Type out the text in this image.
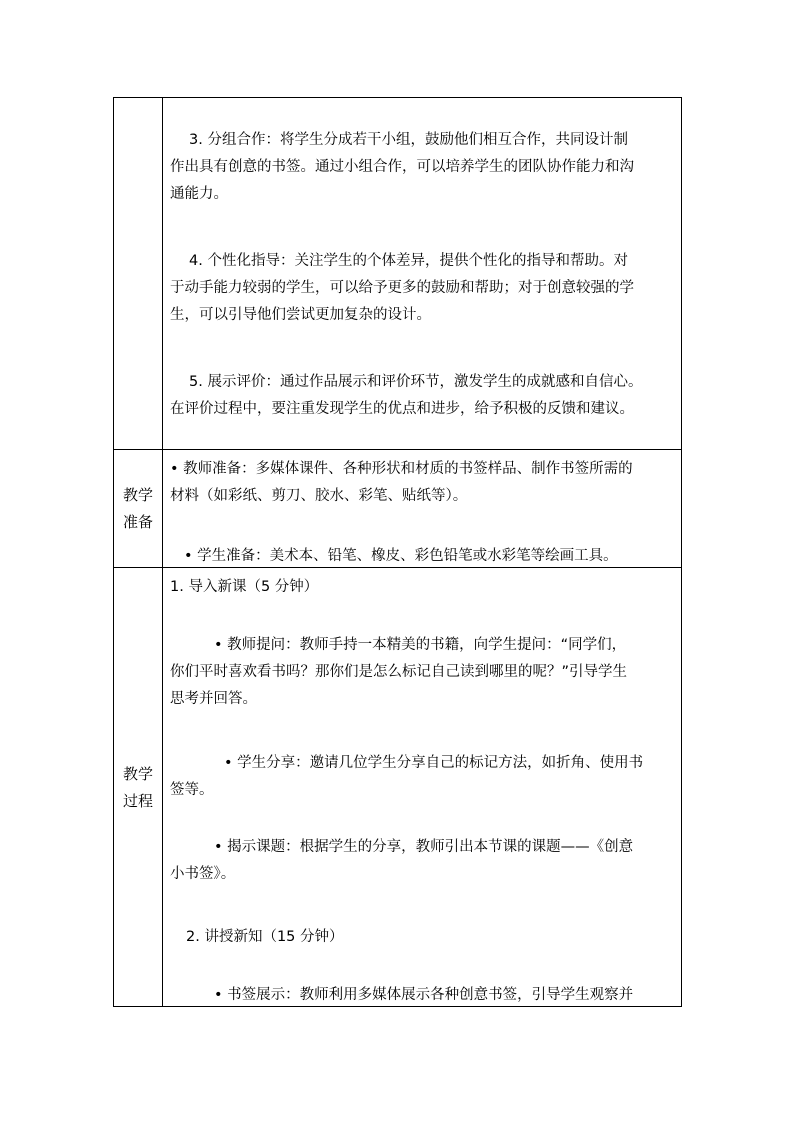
3. 分组合作：将学生分成若干小组，鼓励他们相互合作，共同设计制
作出具有创意的书签。通过小组合作，可以培养学生的团队协作能力和沟
通能力。
4. 个性化指导：关注学生的个体差异，提供个性化的指导和帮助。对
于动手能力较弱的学生，可以给予更多的鼓励和帮助；对于创意较强的学
生，可以引导他们尝试更加复杂的设计。
5. 展示评价：通过作品展示和评价环节，激发学生的成就感和自信心。
在评价过程中，要注重发现学生的优点和进步，给予积极的反馈和建议。
教学
准备
• 教师准备：多媒体课件、各种形状和材质的书签样品、制作书签所需的
材料（如彩纸、剪刀、胶水、彩笔、贴纸等）。
• 学生准备：美术本、铅笔、橡皮、彩色铅笔或水彩笔等绘画工具。
教学
过程
1. 导入新课（5 分钟）
• 教师提问：教师手持一本精美的书籍，向学生提问：“同学们，
你们平时喜欢看书吗？那你们是怎么标记自己读到哪里的呢？”引导学生
思考并回答。
• 学生分享：邀请几位学生分享自己的标记方法，如折角、使用书
签等。
• 揭示课题：根据学生的分享，教师引出本节课的课题——《创意
小书签》。
2. 讲授新知（15 分钟）
• 书签展示：教师利用多媒体展示各种创意书签，引导学生观察并
